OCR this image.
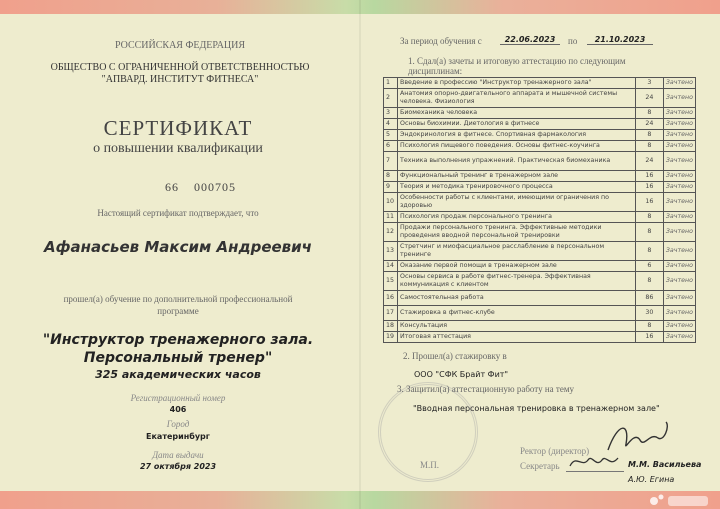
РОССИЙСКАЯ ФЕДЕРАЦИЯ
ОБЩЕСТВО С ОГРАНИЧЕННОЙ ОТВЕТСТВЕННОСТЬЮ
"АПВАРД. ИНСТИТУТ ФИТНЕСА"
СЕРТИФИКАТ
о повышении квалификации
66 000705
Настоящий сертификат подтверждает, что
Афанасьев Максим Андреевич
прошел(а) обучение по дополнительной профессиональной
программе
"Инструктор тренажерного зала.
Персональный тренер"
325 академических часов
Регистрационный номер
406
Город
Екатеринбург
Дата выдачи
27 октября 2023
За период обучения с	22.06.2023	по	21.10.2023
1. Сдал(а) зачеты и итоговую аттестацию по следующим
дисциплинам:
1	Введение в профессию "Инструктор тренажерного зала"	3	Зачтено
2	Анатомия опорно-двигательного аппарата и мышечной системы человека. Физиология	24	Зачтено
3	Биомеханика человека	8	Зачтено
4	Основы биохимии. Диетология в фитнесе	24	Зачтено
5	Эндокринология в фитнесе. Спортивная фармакология	8	Зачтено
6	Психология пищевого поведения. Основы фитнес-коучинга	8	Зачтено
7	Техника выполнения упражнений. Практическая биомеханика	24	Зачтено
8	Функциональный тренинг в тренажерном зале	16	Зачтено
9	Теория и методика тренировочного процесса	16	Зачтено
10	Особенности работы с клиентами, имеющими ограничения по здоровью	16	Зачтено
11	Психология продаж персонального тренинга	8	Зачтено
12	Продажи персонального тренинга. Эффективные методики проведения вводной персональной тренировки	8	Зачтено
13	Стретчинг и миофасциальное расслабление в персональном тренинге	8	Зачтено
14	Оказание первой помощи в тренажерном зале	6	Зачтено
15	Основы сервиса в работе фитнес-тренера. Эффективная коммуникация с клиентом	8	Зачтено
16	Самостоятельная работа	86	Зачтено
17	Стажировка в фитнес-клубе	30	Зачтено
18	Консультация	8	Зачтено
19	Итоговая аттестация	16	Зачтено
2. Прошел(а) стажировку в
ООО "СФК Брайт Фит"
3. Защитил(а) аттестационную работу на тему
"Вводная персональная тренировка в тренажерном зале"
М.П.
Ректор (директор)
Секретарь	М.М. Васильева
А.Ю. Егина
